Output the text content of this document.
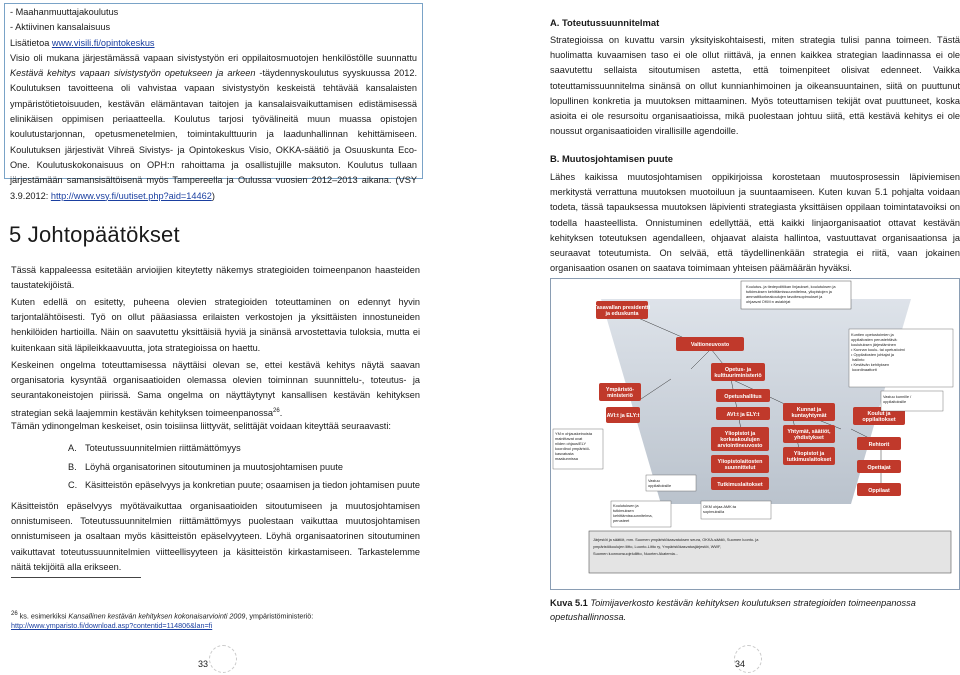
- Maahanmuuttajakoulutus
- Aktiivinen kansalaisuus
Lisätietoa www.visili.fi/opintokeskus

Visio oli mukana järjestämässä vapaan sivistystyön eri oppilaitosmuotojen henkilöstölle suunnattu Kestävä kehitys vapaan sivistystyön opetukseen ja arkeen -täydennyskoulutus syyskuussa 2012. Koulutuksen tavoitteena oli vahvistaa vapaan sivistystyön keskeistä tehtävää kansalaisten ympäristötietoisuuden, kestävän elämäntavan taitojen ja kansalaisvaikuttamisen edistämisessä elinikäisen oppimisen periaatteella. Koulutus tarjosi työvälineitä muun muassa opistojen koulutustarjonnan, opetusmenetelmien, toimintakulttuurin ja laadunhallinnan kehittämiseen. Koulutuksen järjestivät Vihreä Sivistys- ja Opintokeskus Visio, OKKA-säätiö ja Osuuskunta Eco-One. Koulutuskokonaisuus on OPH:n rahoittama ja osallistujille maksuton. Koulutus tullaan järjestämään samansisältöisenä myös Tampereella ja Oulussa vuosien 2012–2013 aikana. (VSY 3.9.2012: http://www.vsy.fi/uutiset.php?aid=14462)

5 Johtopäätökset
Tässä kappaleessa esitetään arvioijien kiteytetty näkemys strategioiden toimeenpanon haasteiden taustatekijöistä.
Kuten edellä on esitetty, puheena olevien strategioiden toteuttaminen on edennyt hyvin tarjontalähtöisesti. Työ on ollut pääasiassa erilaisten verkostojen ja yksittäisten innostuneiden henkilöiden hartioilla. Näin on saavutettu yksittäisiä hyviä ja sinänsä arvostettavia tuloksia, mutta ei kuitenkaan sitä läpileikkaavuutta, jota strategioissa on haettu.
Keskeinen ongelma toteuttamisessa näyttäisi olevan se, ettei kestävä kehitys näytä saavan organisatoria kysyntää organisaatioiden olemassa olevien toiminnan suunnittelu-, toteutus- ja seurantakoneistojen piirissä. Sama ongelma on näyttäytynyt kansallisen kestävän kehityksen strategian sekä laajemmin kestävän kehityksen toimeenpanossa$^{26}$.
Tämän ydinongelman keskeiset, osin toisiinsa liittyvät, selittäjät voidaan kiteyttää seuraavasti:
A. Toteutussuunnitelmien riittämättömyys
B. Löyhä organisatorinen sitoutuminen ja muutosjohtamisen puute
C. Käsitteistön epäselvyys ja konkretian puute; osaamisen ja tiedon johtamisen puute
Käsitteistön epäselvyys myötävaikuttaa organisaatioiden sitoutumiseen ja muutosjohtamisen onnistumiseen. Toteutussuunnitelmien riittämättömyys puolestaan vaikuttaa muutosjohtamisen onnistumiseen ja osaltaan myös käsitteistön epäselvyyteen. Löyhä organisaatorinen sitoutuminen vaikuttavat toteutussuunnitelmien viitteellisyyteen ja käsitteistön kirkastamiseen. Tarkastelemme näitä tekijöitä alla erikseen.
$^{26}$ ks. esimerkiksi Kansallinen kestävän kehityksen kokonaisarviointi 2009, ympäristöministeriö:
http://www.ymparisto.fi/download.asp?contentid=114806&lan=fi
33
A. Toteutussuunnitelmat
Strategioissa on kuvattu varsin yksityiskohtaisesti, miten strategia tulisi panna toimeen. Tästä huolimatta kuvaamisen taso ei ole ollut riittävä, ja ennen kaikkea strategian laadinnassa ei ole saavutettu sellaista sitoutumisen astetta, että toimenpiteet olisivat edenneet. Vaikka toteuttamissuunnitelma sinänsä on ollut kunnianhimoinen ja oikeansuuntainen, siitä on puuttunut lopullinen konkretia ja muutoksen mittaaminen. Myös toteuttamisen tekijät ovat puuttuneet, koska asioita ei ole resursoitu organisaatioissa, mikä puolestaan johtuu siitä, että kestävä kehitys ei ole noussut organisaatioiden virallisille agendoille.
B. Muutosjohtamisen puute
Lähes kaikissa muutosjohtamisen oppikirjoissa korostetaan muutosprosessin läpiviemisen merkitystä verrattuna muutoksen muotoiluun ja suuntaamiseen. Kuten kuvan 5.1 pohjalta voidaan todeta, tässä tapauksessa muutoksen läpivienti strategiasta yksittäisen oppilaan toimintatavoiksi on todella haasteellista. Onnistuminen edellyttää, että kaikki linjaorganisaatiot ottavat kestävän kehityksen toteutuksen agendalleen, ohjaavat alaista hallintoa, vastuuttavat organisaationsa ja seuraavat toteutumista. On selvää, että täydellinenkään strategia ei riitä, vaan jokainen organisaation osanen on saatava toimimaan yhteisen päämäärän hyväksi.
Tasavallan presidentti ja eduskunta
Valtioneuvosto
Opetus- ja kulttuuriministeriö
Ympäristö-ministeriö
AVI:t ja ELY:t
Opetushallitus
AVI:t ja ELY:t
Kunnat ja kuntayhtymät
Yhtymät, säätiöt, yhdistykset
Yliopistot ja tutkimuslaitokset
Yliopistot ja korkeakoulujen arviointineuvosto
Yliopistolaitosten suunnittelut
Tutkimuslaitokset
Koulut ja oppilaitokset
Rehtorit
Opettajat
Oppilaat
Koulutus- ja tiedepolitiikan linjaukset, koulutuksen ja tutkimuksen kehittämissuunnitelma, yliopistojen ja ammattikorkeakoulujen tavoitesopimukset ja ohjaavat OKM:n asiakirjat
YM:n ohjauskeinoista mainittavat ovat niiden ohjaus/ELY koordinoi ympäristö-kasvatusta maakunnissa
Kuntien opetustoimien ja oppilaitosten perustehtävä: koulutuksen järjestäminen • Kunnan koulu- tai opetustoimi • Oppilaitosten johtajat ja hallinto • Kestävän kehityksen koordinaattorit
Vastuu kunnille / oppilaitoksille
Vastuu oppilaitoksille
Koulutuksen ja tutkimuksen kehittämissuunnitelma, perusteet
OKM ohjaa AMK:ta sopimuksilla
Järjestöt ja säätiöt, mm. Suomen ympäristökasvatuksen seura, OKKA-säätiö, Suomen luonto- ja ympäristökoulujen liitto, Luonto-Liitto ry, Ympäristökasvatusjärjestöt, WWF, Suomen luonnonsuojeluliitto, Nuorten Akatemia...
Kuva 5.1 Toimijaverkosto kestävän kehityksen koulutuksen strategioiden toimeenpanossa opetushallinnossa.
34
